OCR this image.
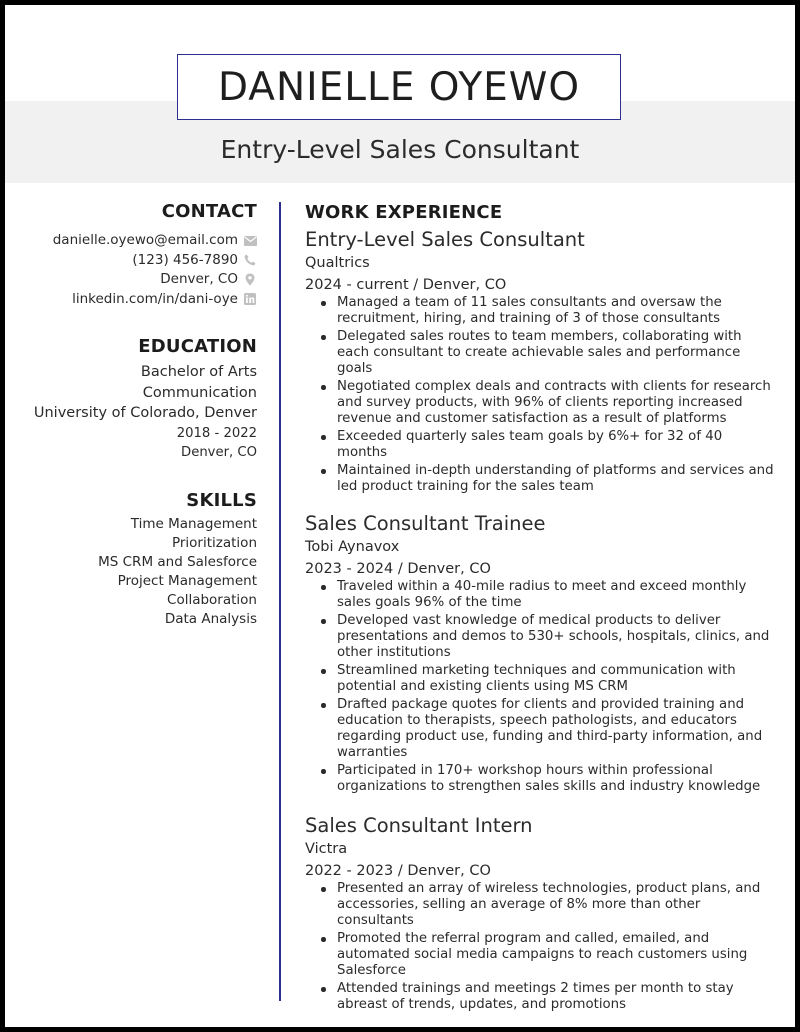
DANIELLE OYEWO
Entry-Level Sales Consultant
CONTACT
danielle.oyewo@email.com
(123) 456-7890
Denver, CO
linkedin.com/in/dani-oye
EDUCATION
Bachelor of Arts
Communication
University of Colorado, Denver
2018 - 2022
Denver, CO
SKILLS
Time Management
Prioritization
MS CRM and Salesforce
Project Management
Collaboration
Data Analysis
WORK EXPERIENCE
Entry-Level Sales Consultant
Qualtrics
2024 - current / Denver, CO
Managed a team of 11 sales consultants and oversaw the recruitment, hiring, and training of 3 of those consultants
Delegated sales routes to team members, collaborating with each consultant to create achievable sales and performance goals
Negotiated complex deals and contracts with clients for research and survey products, with 96% of clients reporting increased revenue and customer satisfaction as a result of platforms
Exceeded quarterly sales team goals by 6%+ for 32 of 40 months
Maintained in-depth understanding of platforms and services and led product training for the sales team
Sales Consultant Trainee
Tobi Aynavox
2023 - 2024 / Denver, CO
Traveled within a 40-mile radius to meet and exceed monthly sales goals 96% of the time
Developed vast knowledge of medical products to deliver presentations and demos to 530+ schools, hospitals, clinics, and other institutions
Streamlined marketing techniques and communication with potential and existing clients using MS CRM
Drafted package quotes for clients and provided training and education to therapists, speech pathologists, and educators regarding product use, funding and third-party information, and warranties
Participated in 170+ workshop hours within professional organizations to strengthen sales skills and industry knowledge
Sales Consultant Intern
Victra
2022 - 2023 / Denver, CO
Presented an array of wireless technologies, product plans, and accessories, selling an average of 8% more than other consultants
Promoted the referral program and called, emailed, and automated social media campaigns to reach customers using Salesforce
Attended trainings and meetings 2 times per month to stay abreast of trends, updates, and promotions
